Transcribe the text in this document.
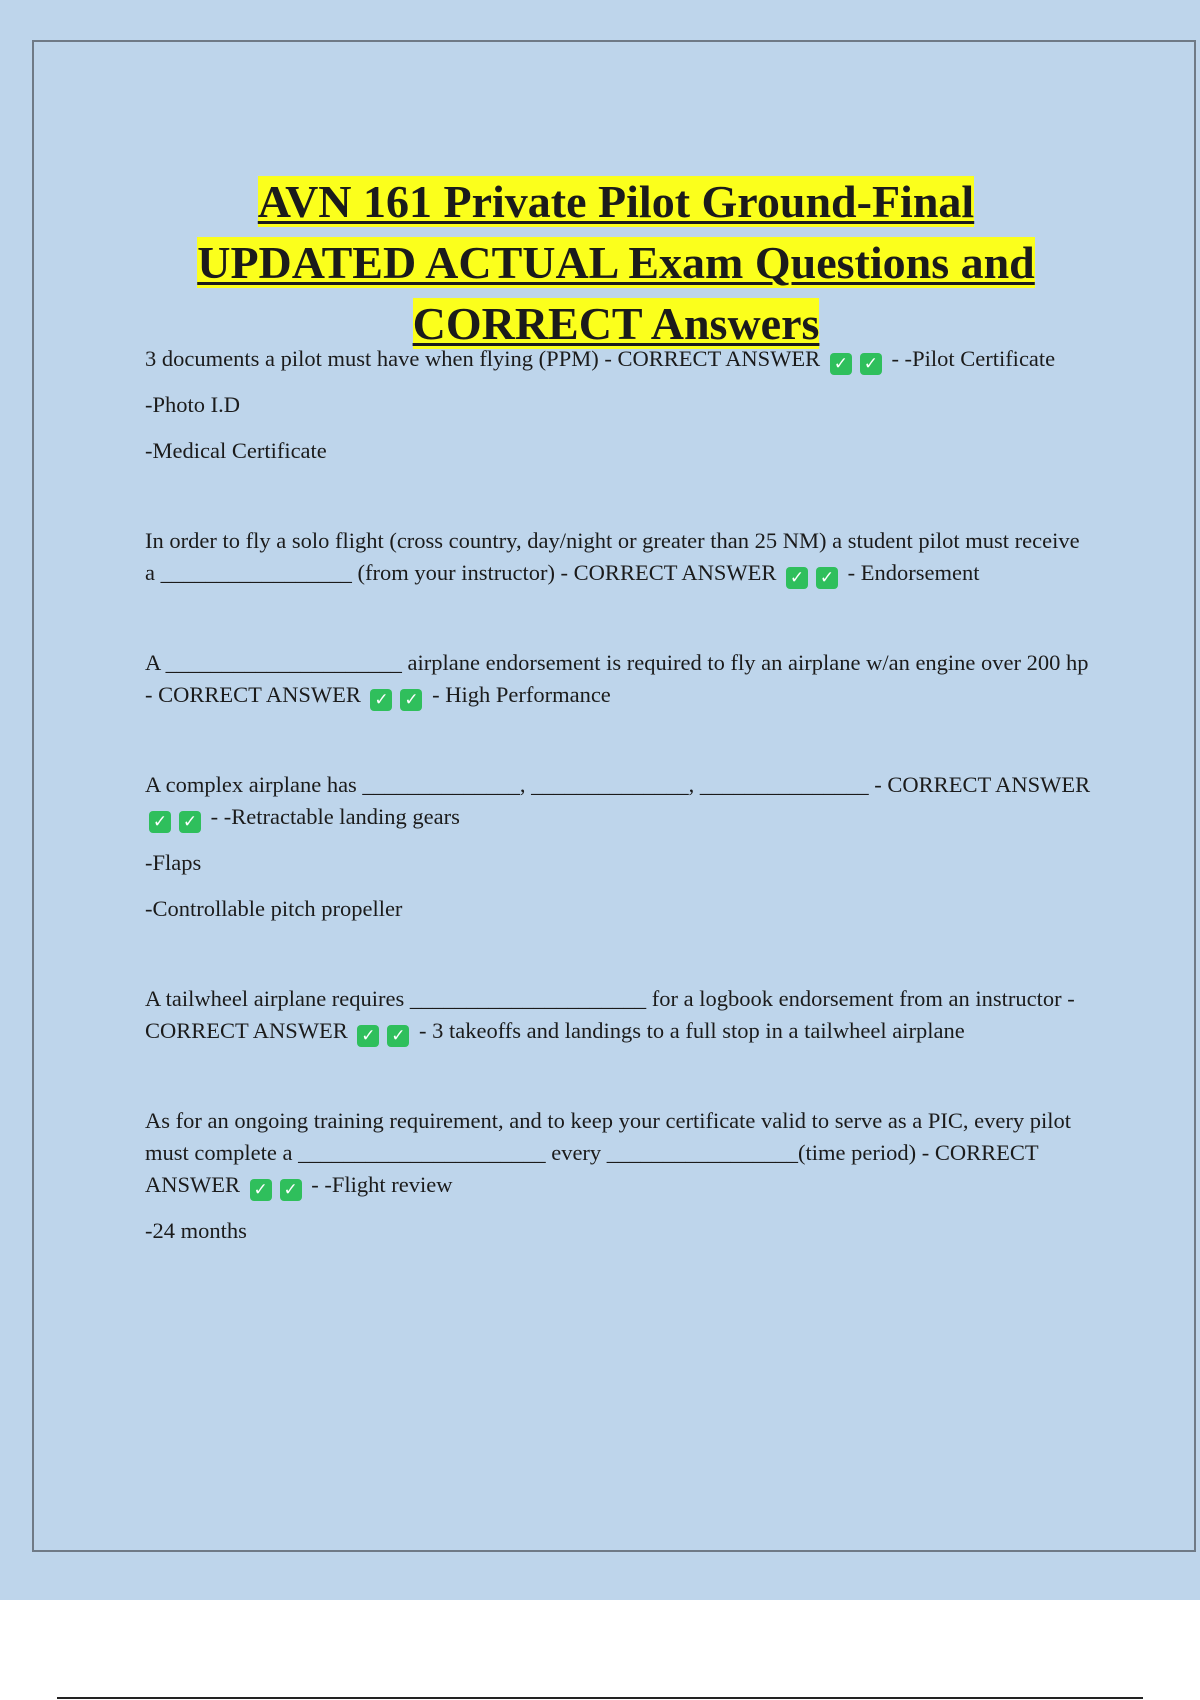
AVN 161 Private Pilot Ground-Final
UPDATED ACTUAL Exam Questions and
CORRECT Answers

3 documents a pilot must have when flying (PPM) - CORRECT ANSWER ✓ ✓ - -Pilot Certificate

-Photo I.D

-Medical Certificate

In order to fly a solo flight (cross country, day/night or greater than 25 NM) a student pilot must receive a _________________ (from your instructor) - CORRECT ANSWER ✓ ✓ - Endorsement

A _____________________ airplane endorsement is required to fly an airplane w/an engine over 200 hp - CORRECT ANSWER ✓ ✓ - High Performance

A complex airplane has ______________, ______________, _______________ - CORRECT ANSWER ✓ ✓ - -Retractable landing gears

-Flaps

-Controllable pitch propeller

A tailwheel airplane requires _____________________ for a logbook endorsement from an instructor - CORRECT ANSWER ✓ ✓ - 3 takeoffs and landings to a full stop in a tailwheel airplane

As for an ongoing training requirement, and to keep your certificate valid to serve as a PIC, every pilot must complete a ______________________ every _________________(time period) - CORRECT ANSWER ✓ ✓ - -Flight review

-24 months
